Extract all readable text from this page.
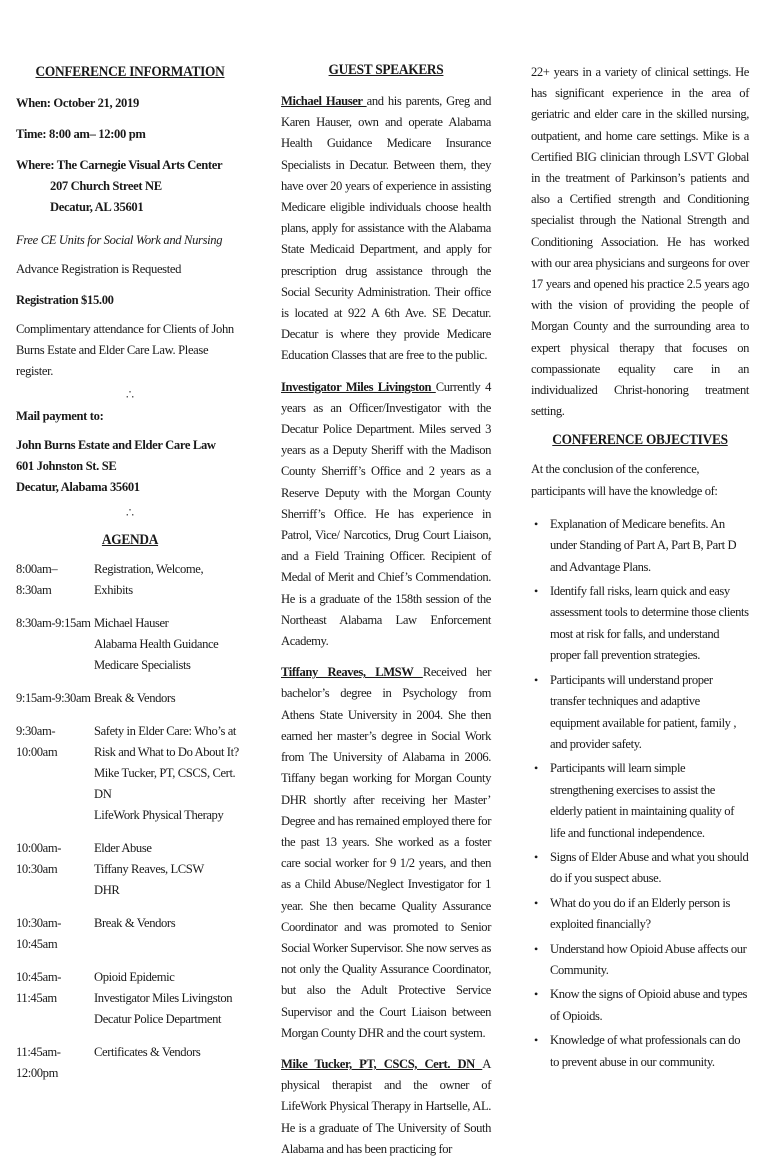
CONFERENCE INFORMATION
When: October 21, 2019
Time: 8:00 am– 12:00 pm
Where: The Carnegie Visual Arts Center
207 Church Street NE
Decatur, AL 35601
Free CE Units for Social Work and Nursing
Advance Registration is Requested
Registration $15.00
Complimentary attendance for Clients of John Burns Estate and Elder Care Law. Please register.
∴
Mail payment to:
John Burns Estate and Elder Care Law
601 Johnston St. SE
Decatur, Alabama 35601
∴
AGENDA
8:00am– 8:30am
Registration, Welcome, Exhibits
8:30am-9:15am Michael Hauser
Alabama Health Guidance Medicare Specialists
9:15am-9:30am Break & Vendors
9:30am-10:00am
Safety in Elder Care: Who’s at Risk and What to Do About It?
Mike Tucker, PT, CSCS, Cert. DN
LifeWork Physical Therapy
10:00am-10:30am
Elder Abuse
Tiffany Reaves, LCSW
DHR
10:30am-10:45am
Break & Vendors
10:45am-11:45am
Opioid Epidemic
Investigator Miles Livingston
Decatur Police Department
11:45am-12:00pm
Certificates & Vendors
GUEST SPEAKERS

Michael Hauser and his parents, Greg and Karen Hauser, own and operate Alabama Health Guidance Medicare Insurance Specialists in Decatur. Between them, they have over 20 years of experience in assisting Medicare eligible individuals choose health plans, apply for assistance with the Alabama State Medicaid Department, and apply for prescription drug assistance through the Social Security Administration. Their office is located at 922 A 6th Ave. SE Decatur. Decatur is where they provide Medicare Education Classes that are free to the public.

Investigator Miles Livingston Currently 4 years as an Officer/Investigator with the Decatur Police Department. Miles served 3 years as a Deputy Sheriff with the Madison County Sherriff’s Office and 2 years as a Reserve Deputy with the Morgan County Sherriff’s Office. He has experience in Patrol, Vice/ Narcotics, Drug Court Liaison, and a Field Training Officer. Recipient of Medal of Merit and Chief’s Commendation. He is a graduate of the 158th session of the Northeast Alabama Law Enforcement Academy.

Tiffany Reaves, LMSW Received her bachelor’s degree in Psychology from Athens State University in 2004. She then earned her master’s degree in Social Work from The University of Alabama in 2006. Tiffany began working for Morgan County DHR shortly after receiving her Master’ Degree and has remained employed there for the past 13 years. She worked as a foster care social worker for 9 1/2 years, and then as a Child Abuse/Neglect Investigator for 1 year. She then became Quality Assurance Coordinator and was promoted to Senior Social Worker Supervisor. She now serves as not only the Quality Assurance Coordinator, but also the Adult Protective Service Supervisor and the Court Liaison between Morgan County DHR and the court system.

Mike Tucker, PT, CSCS, Cert. DN A physical therapist and the owner of LifeWork Physical Therapy in Hartselle, AL. He is a graduate of The University of South Alabama and has been practicing for

22+ years in a variety of clinical settings. He has significant experience in the area of geriatric and elder care in the skilled nursing, outpatient, and home care settings. Mike is a Certified BIG clinician through LSVT Global in the treatment of Parkinson’s patients and also a Certified strength and Conditioning specialist through the National Strength and Conditioning Association. He has worked with our area physicians and surgeons for over 17 years and opened his practice 2.5 years ago with the vision of providing the people of Morgan County and the surrounding area to expert physical therapy that focuses on compassionate equality care in an individualized Christ-honoring treatment setting.

CONFERENCE OBJECTIVES

At the conclusion of the conference, participants will have the knowledge of:

• Explanation of Medicare benefits. An under Standing of Part A, Part B, Part D and Advantage Plans.
• Identify fall risks, learn quick and easy assessment tools to determine those clients most at risk for falls, and understand proper fall prevention strategies.
• Participants will understand proper transfer techniques and adaptive equipment available for patient, family , and provider safety.
• Participants will learn simple strengthening exercises to assist the elderly patient in maintaining quality of life and functional independence.
• Signs of Elder Abuse and what you should do if you suspect abuse.
• What do you do if an Elderly person is exploited financially?
• Understand how Opioid Abuse affects our Community.
• Know the signs of Opioid abuse and types of Opioids.
• Knowledge of what professionals can do to prevent abuse in our community.
